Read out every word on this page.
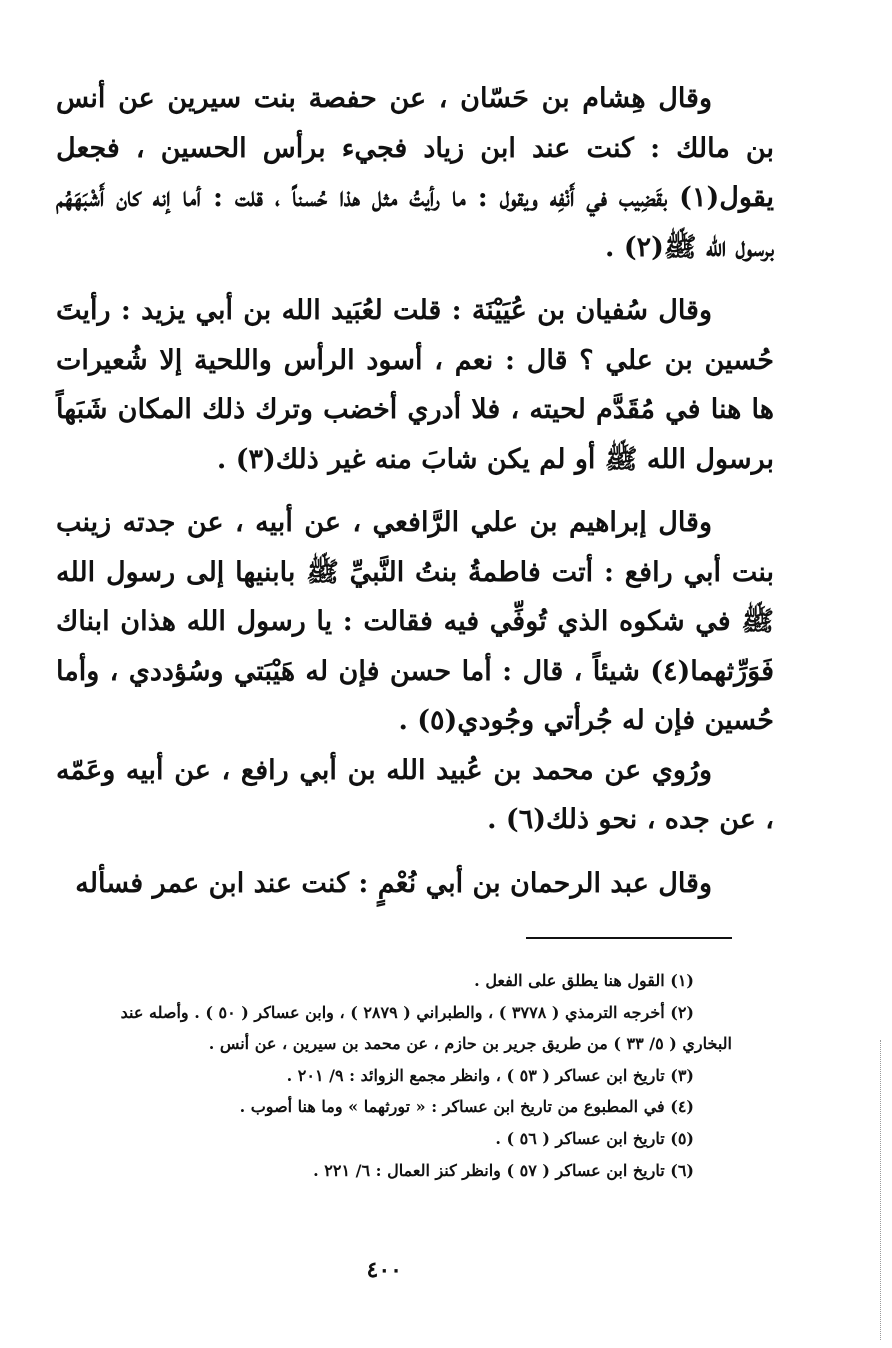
وقال هِشام بن حَسّان ، عن حفصة بنت سيرين عن أنس بن مالك : كنت عند ابن زياد فجيء برأس الحسين ، فجعل يقول(١) بقَضِيب في أَنْفِه ويقول : ما رأيتُ مثل هذا حُسناً ، قلت : أما إنه كان أَشْبَهَهُم برسول الله ﷺ(٢) .

وقال سُفيان بن عُيَيْنَة : قلت لعُبَيد الله بن أبي يزيد : رأيتَ حُسين بن علي ؟ قال : نعم ، أسود الرأس واللحية إلا شُعيرات ها هنا في مُقَدَّم لحيته ، فلا أدري أخضب وترك ذلك المكان شَبَهاً برسول الله ﷺ أو لم يكن شابَ منه غير ذلك(٣) .

وقال إبراهيم بن علي الرَّافعي ، عن أبيه ، عن جدته زينب بنت أبي رافع : أتت فاطمةُ بنتُ النَّبيِّ ﷺ بابنيها إلى رسول الله ﷺ في شكوه الذي تُوفِّي فيه فقالت : يا رسول الله هذان ابناك فَوَرِّثهما(٤) شيئاً ، قال : أما حسن فإن له هَيْبَتي وسُؤددي ، وأما حُسين فإن له جُرأتي وجُودي(٥) .

ورُوي عن محمد بن عُبيد الله بن أبي رافع ، عن أبيه وعَمّه ، عن جده ، نحو ذلك(٦) .

وقال عبد الرحمان بن أبي نُعْمٍ : كنت عند ابن عمر فسأله

(١) القول هنا يطلق على الفعل .

(٢) أخرجه الترمذي ( ٣٧٧٨ ) ، والطبراني ( ٢٨٧٩ ) ، وابن عساكر ( ٥٠ ) . وأصله عند

البخاري ( ٥/ ٣٣ ) من طريق جرير بن حازم ، عن محمد بن سيرين ، عن أنس .

(٣) تاريخ ابن عساكر ( ٥٣ ) ، وانظر مجمع الزوائد : ٩/ ٢٠١ .

(٤) في المطبوع من تاريخ ابن عساكر : « تورثهما » وما هنا أصوب .

(٥) تاريخ ابن عساكر ( ٥٦ ) .

(٦) تاريخ ابن عساكر ( ٥٧ ) وانظر كنز العمال : ٦/ ٢٢١ .

٤٠٠
